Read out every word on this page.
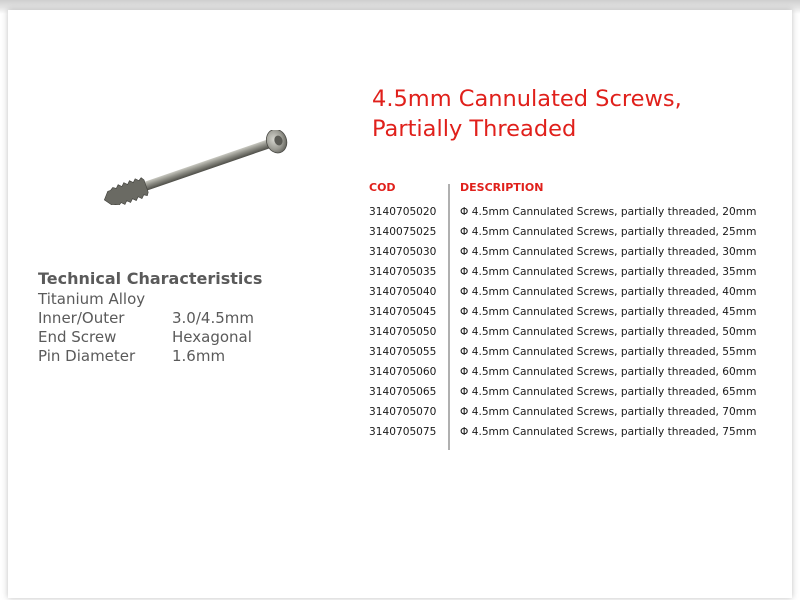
4.5mm Cannulated Screws,
Partially Threaded
Technical Characteristics
Titanium Alloy
Inner/Outer	3.0/4.5mm
End Screw	Hexagonal
Pin Diameter	1.6mm
COD	DESCRIPTION
3140705020	Φ 4.5mm Cannulated Screws, partially threaded, 20mm
3140075025	Φ 4.5mm Cannulated Screws, partially threaded, 25mm
3140705030	Φ 4.5mm Cannulated Screws, partially threaded, 30mm
3140705035	Φ 4.5mm Cannulated Screws, partially threaded, 35mm
3140705040	Φ 4.5mm Cannulated Screws, partially threaded, 40mm
3140705045	Φ 4.5mm Cannulated Screws, partially threaded, 45mm
3140705050	Φ 4.5mm Cannulated Screws, partially threaded, 50mm
3140705055	Φ 4.5mm Cannulated Screws, partially threaded, 55mm
3140705060	Φ 4.5mm Cannulated Screws, partially threaded, 60mm
3140705065	Φ 4.5mm Cannulated Screws, partially threaded, 65mm
3140705070	Φ 4.5mm Cannulated Screws, partially threaded, 70mm
3140705075	Φ 4.5mm Cannulated Screws, partially threaded, 75mm
